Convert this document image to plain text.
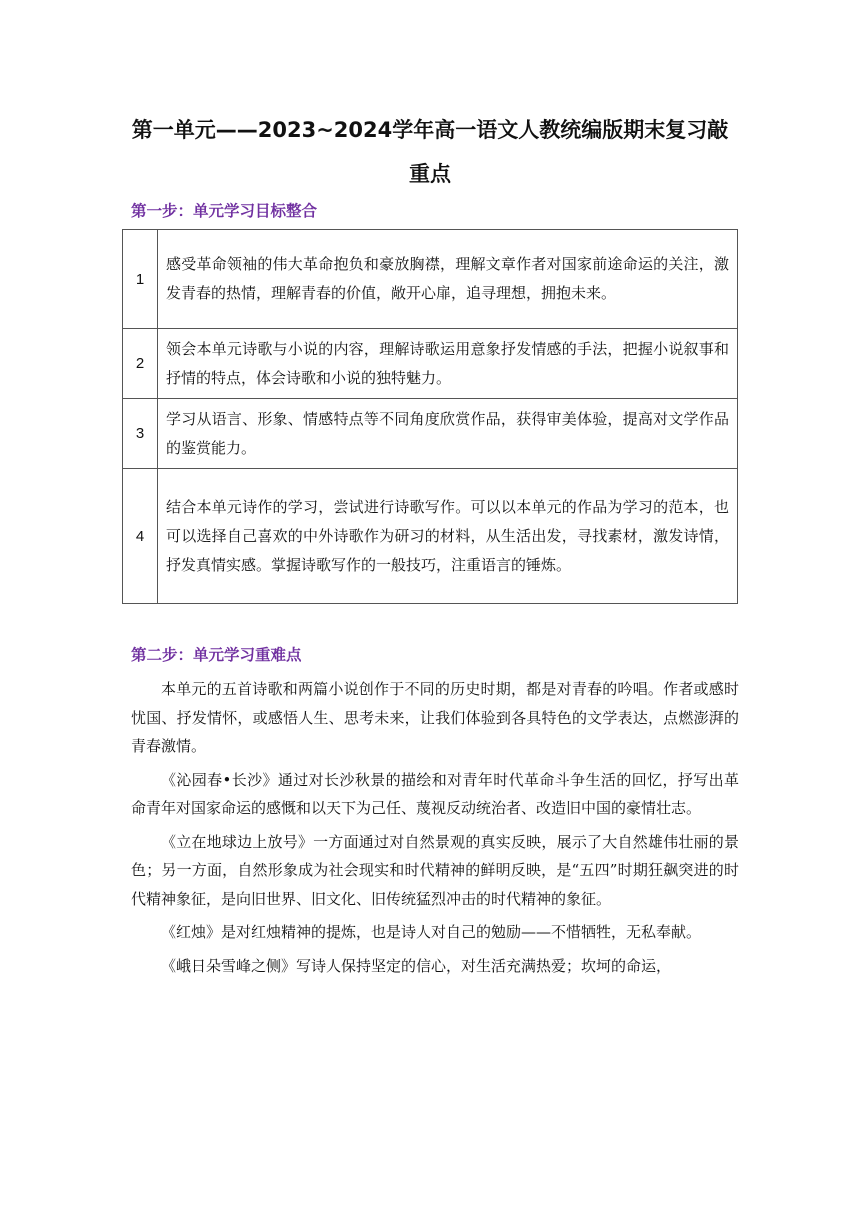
第一单元——2023~2024学年高一语文人教统编版期末复习敲
重点
第一步：单元学习目标整合
1	感受革命领袖的伟大革命抱负和豪放胸襟，理解文章作者对国家前途命运的关注，激发青春的热情，理解青春的价值，敞开心扉，追寻理想，拥抱未来。
2	领会本单元诗歌与小说的内容，理解诗歌运用意象抒发情感的手法，把握小说叙事和抒情的特点，体会诗歌和小说的独特魅力。
3	学习从语言、形象、情感特点等不同角度欣赏作品，获得审美体验，提高对文学作品的鉴赏能力。
4	结合本单元诗作的学习，尝试进行诗歌写作。可以以本单元的作品为学习的范本，也可以选择自己喜欢的中外诗歌作为研习的材料，从生活出发，寻找素材，激发诗情，抒发真情实感。掌握诗歌写作的一般技巧，注重语言的锤炼。
第二步：单元学习重难点

本单元的五首诗歌和两篇小说创作于不同的历史时期，都是对青春的吟唱。作者或感时忧国、抒发情怀，或感悟人生、思考未来，让我们体验到各具特色的文学表达，点燃澎湃的青春激情。

《沁园春•长沙》通过对长沙秋景的描绘和对青年时代革命斗争生活的回忆，抒写出革命青年对国家命运的感慨和以天下为己任、蔑视反动统治者、改造旧中国的豪情壮志。

《立在地球边上放号》一方面通过对自然景观的真实反映，展示了大自然雄伟壮丽的景色；另一方面，自然形象成为社会现实和时代精神的鲜明反映，是“五四”时期狂飙突进的时代精神象征，是向旧世界、旧文化、旧传统猛烈冲击的时代精神的象征。

《红烛》是对红烛精神的提炼，也是诗人对自己的勉励——不惜牺牲，无私奉献。

《峨日朵雪峰之侧》写诗人保持坚定的信心，对生活充满热爱；坎坷的命运，
